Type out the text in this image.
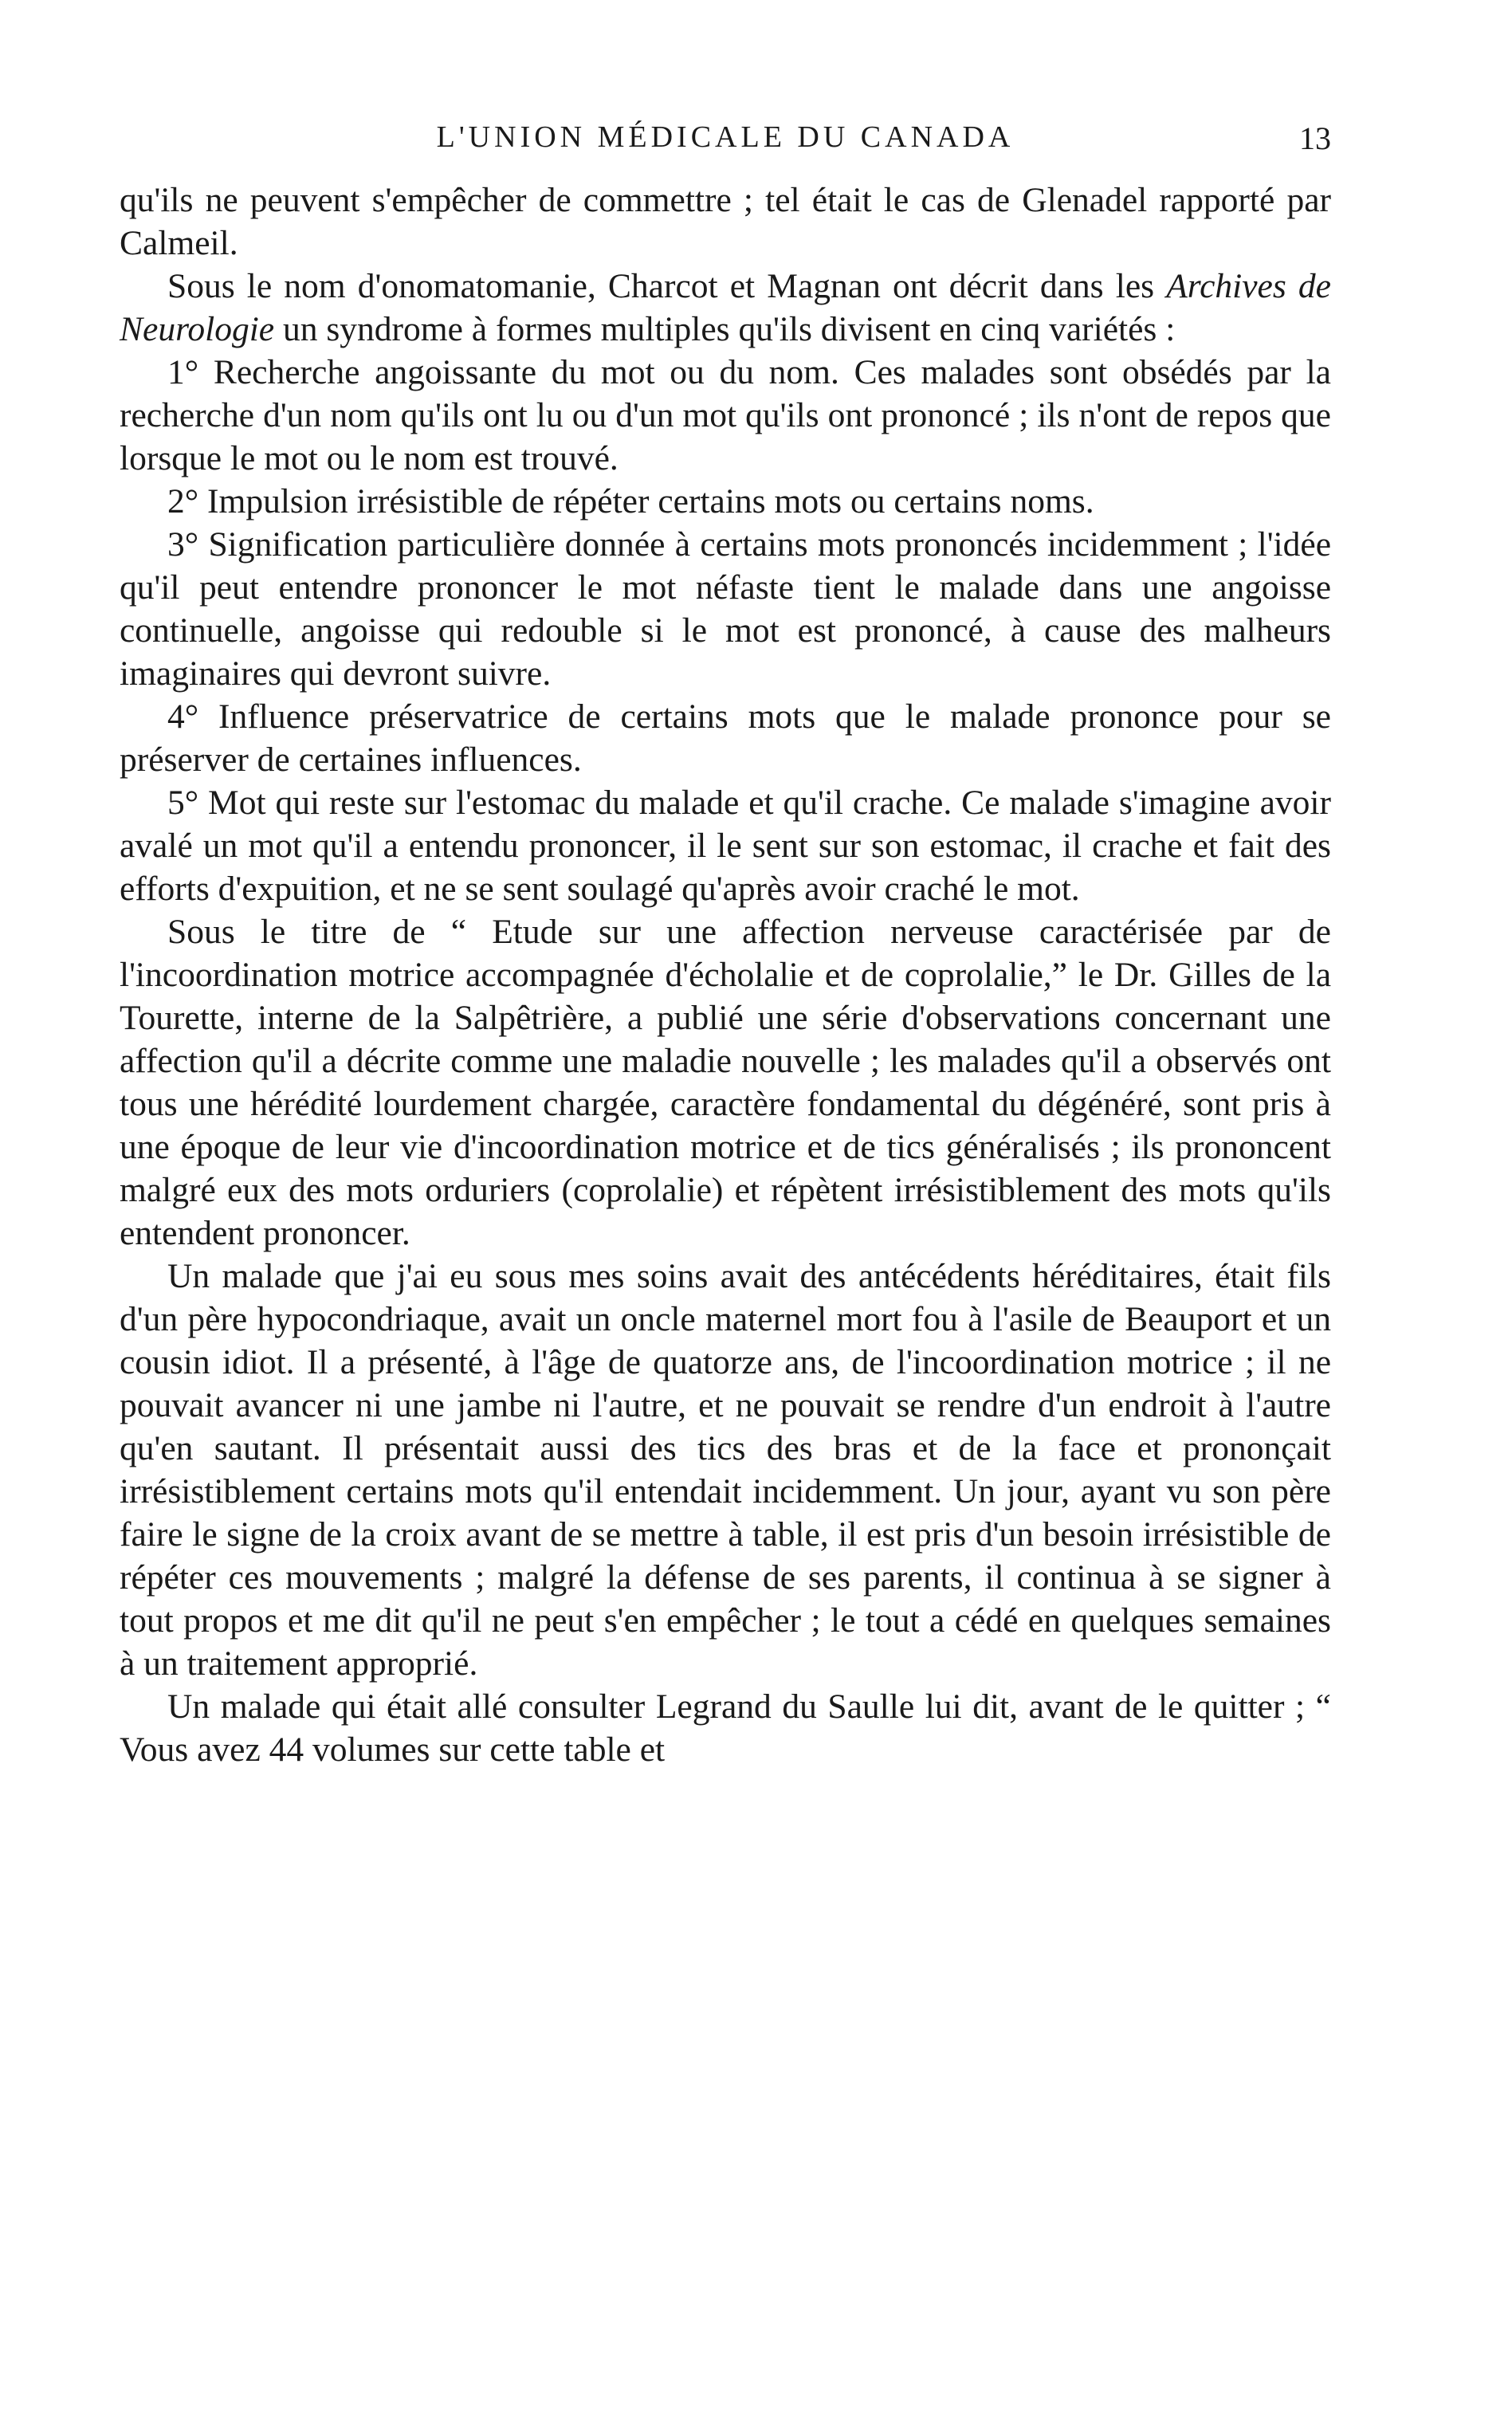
L'UNION MÉDICALE DU CANADA	13

qu'ils ne peuvent s'empêcher de commettre ; tel était le cas de Glenadel rapporté par Calmeil.

Sous le nom d'onomatomanie, Charcot et Magnan ont décrit dans les Archives de Neurologie un syndrome à formes multiples qu'ils divisent en cinq variétés :

1° Recherche angoissante du mot ou du nom. Ces malades sont obsédés par la recherche d'un nom qu'ils ont lu ou d'un mot qu'ils ont prononcé ; ils n'ont de repos que lorsque le mot ou le nom est trouvé.

2° Impulsion irrésistible de répéter certains mots ou certains noms.

3° Signification particulière donnée à certains mots prononcés incidemment ; l'idée qu'il peut entendre prononcer le mot néfaste tient le malade dans une angoisse continuelle, angoisse qui redouble si le mot est prononcé, à cause des malheurs imaginaires qui devront suivre.

4° Influence préservatrice de certains mots que le malade prononce pour se préserver de certaines influences.

5° Mot qui reste sur l'estomac du malade et qu'il crache. Ce malade s'imagine avoir avalé un mot qu'il a entendu prononcer, il le sent sur son estomac, il crache et fait des efforts d'expuition, et ne se sent soulagé qu'après avoir craché le mot.

Sous le titre de “ Etude sur une affection nerveuse caractérisée par de l'incoordination motrice accompagnée d'écholalie et de coprolalie,” le Dr. Gilles de la Tourette, interne de la Salpêtrière, a publié une série d'observations concernant une affection qu'il a décrite comme une maladie nouvelle ; les malades qu'il a observés ont tous une hérédité lourdement chargée, caractère fondamental du dégénéré, sont pris à une époque de leur vie d'incoordination motrice et de tics généralisés ; ils prononcent malgré eux des mots orduriers (coprolalie) et répètent irrésistiblement des mots qu'ils entendent prononcer.

Un malade que j'ai eu sous mes soins avait des antécédents héréditaires, était fils d'un père hypocondriaque, avait un oncle maternel mort fou à l'asile de Beauport et un cousin idiot. Il a présenté, à l'âge de quatorze ans, de l'incoordination motrice ; il ne pouvait avancer ni une jambe ni l'autre, et ne pouvait se rendre d'un endroit à l'autre qu'en sautant. Il présentait aussi des tics des bras et de la face et prononçait irrésistiblement certains mots qu'il entendait incidemment. Un jour, ayant vu son père faire le signe de la croix avant de se mettre à table, il est pris d'un besoin irrésistible de répéter ces mouvements ; malgré la défense de ses parents, il continua à se signer à tout propos et me dit qu'il ne peut s'en empêcher ; le tout a cédé en quelques semaines à un traitement approprié.

Un malade qui était allé consulter Legrand du Saulle lui dit, avant de le quitter ; “ Vous avez 44 volumes sur cette table et
